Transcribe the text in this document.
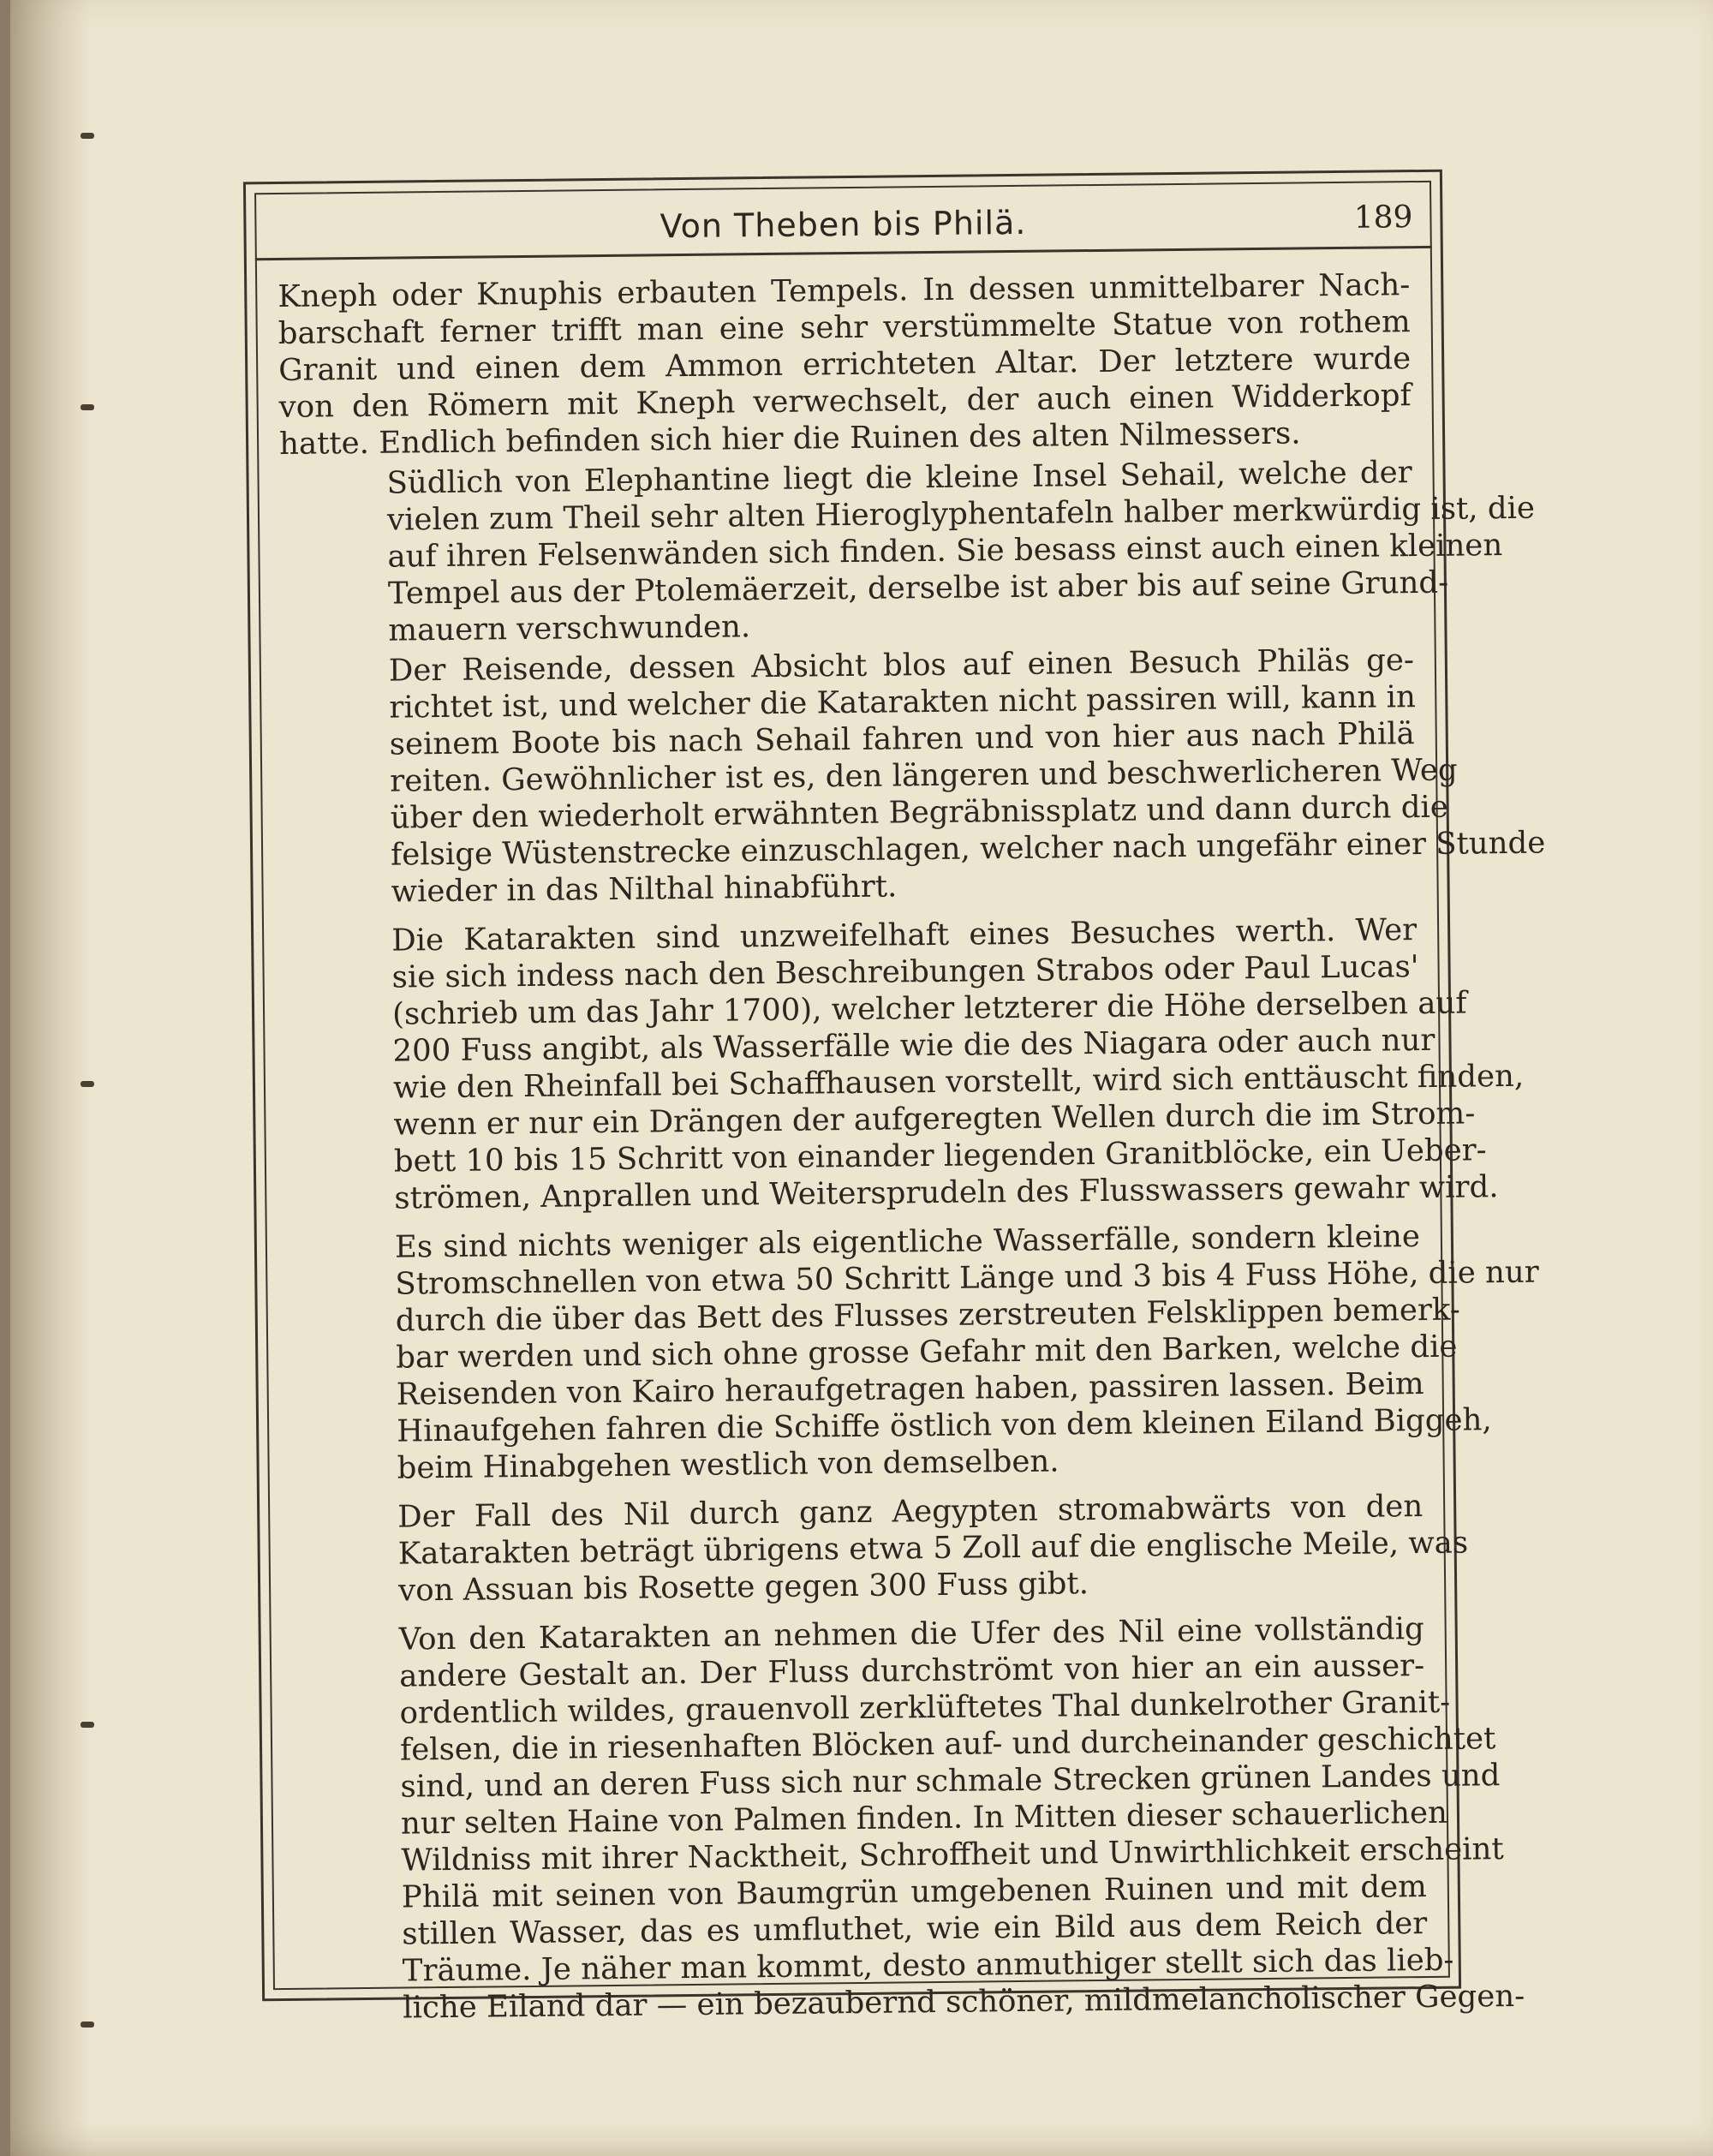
Von Theben bis Philä.	189
Kneph oder Knuphis erbauten Tempels. In dessen unmittelbarer Nach-
barschaft ferner trifft man eine sehr verstümmelte Statue von rothem
Granit und einen dem Ammon errichteten Altar. Der letztere wurde
von den Römern mit Kneph verwechselt, der auch einen Widderkopf
hatte. Endlich befinden sich hier die Ruinen des alten Nilmessers.
Südlich von Elephantine liegt die kleine Insel Sehail, welche der
vielen zum Theil sehr alten Hieroglyphentafeln halber merkwürdig ist, die
auf ihren Felsenwänden sich finden. Sie besass einst auch einen kleinen
Tempel aus der Ptolemäerzeit, derselbe ist aber bis auf seine Grund-
mauern verschwunden.
Der Reisende, dessen Absicht blos auf einen Besuch Philäs ge-
richtet ist, und welcher die Katarakten nicht passiren will, kann in
seinem Boote bis nach Sehail fahren und von hier aus nach Philä
reiten. Gewöhnlicher ist es, den längeren und beschwerlicheren Weg
über den wiederholt erwähnten Begräbnissplatz und dann durch die
felsige Wüstenstrecke einzuschlagen, welcher nach ungefähr einer Stunde
wieder in das Nilthal hinabführt.
Die Katarakten sind unzweifelhaft eines Besuches werth. Wer
sie sich indess nach den Beschreibungen Strabos oder Paul Lucas'
(schrieb um das Jahr 1700), welcher letzterer die Höhe derselben auf
200 Fuss angibt, als Wasserfälle wie die des Niagara oder auch nur
wie den Rheinfall bei Schaffhausen vorstellt, wird sich enttäuscht finden,
wenn er nur ein Drängen der aufgeregten Wellen durch die im Strom-
bett 10 bis 15 Schritt von einander liegenden Granitblöcke, ein Ueber-
strömen, Anprallen und Weitersprudeln des Flusswassers gewahr wird.
Es sind nichts weniger als eigentliche Wasserfälle, sondern kleine
Stromschnellen von etwa 50 Schritt Länge und 3 bis 4 Fuss Höhe, die nur
durch die über das Bett des Flusses zerstreuten Felsklippen bemerk-
bar werden und sich ohne grosse Gefahr mit den Barken, welche die
Reisenden von Kairo heraufgetragen haben, passiren lassen. Beim
Hinaufgehen fahren die Schiffe östlich von dem kleinen Eiland Biggeh,
beim Hinabgehen westlich von demselben.
Der Fall des Nil durch ganz Aegypten stromabwärts von den
Katarakten beträgt übrigens etwa 5 Zoll auf die englische Meile, was
von Assuan bis Rosette gegen 300 Fuss gibt.
Von den Katarakten an nehmen die Ufer des Nil eine vollständig
andere Gestalt an. Der Fluss durchströmt von hier an ein ausser-
ordentlich wildes, grauenvoll zerklüftetes Thal dunkelrother Granit-
felsen, die in riesenhaften Blöcken auf- und durcheinander geschichtet
sind, und an deren Fuss sich nur schmale Strecken grünen Landes und
nur selten Haine von Palmen finden. In Mitten dieser schauerlichen
Wildniss mit ihrer Nacktheit, Schroffheit und Unwirthlichkeit erscheint
Philä mit seinen von Baumgrün umgebenen Ruinen und mit dem
stillen Wasser, das es umfluthet, wie ein Bild aus dem Reich der
Träume. Je näher man kommt, desto anmuthiger stellt sich das lieb-
liche Eiland dar — ein bezaubernd schöner, mildmelancholischer Gegen-
